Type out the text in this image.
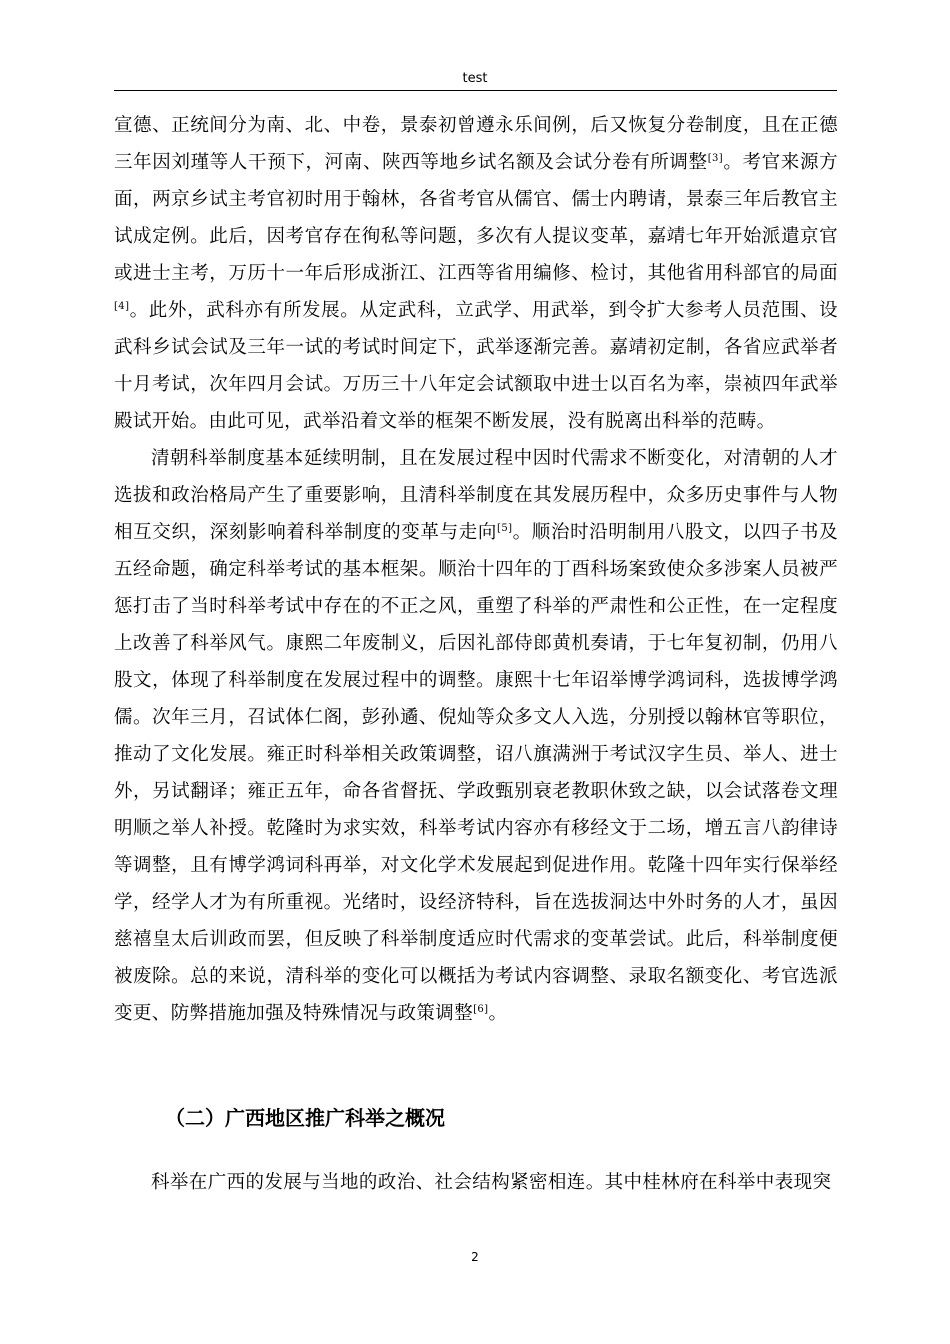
test

宣德、正统间分为南、北、中卷，景泰初曾遵永乐间例，后又恢复分卷制度，且在正德三年因刘瑾等人干预下，河南、陕西等地乡试名额及会试分卷有所调整[3]。考官来源方面，两京乡试主考官初时用于翰林，各省考官从儒官、儒士内聘请，景泰三年后教官主试成定例。此后，因考官存在徇私等问题，多次有人提议变革，嘉靖七年开始派遣京官或进士主考，万历十一年后形成浙江、江西等省用编修、检讨，其他省用科部官的局面[4]。此外，武科亦有所发展。从定武科，立武学、用武举，到令扩大参考人员范围、设武科乡试会试及三年一试的考试时间定下，武举逐渐完善。嘉靖初定制，各省应武举者十月考试，次年四月会试。万历三十八年定会试额取中进士以百名为率，崇祯四年武举殿试开始。由此可见，武举沿着文举的框架不断发展，没有脱离出科举的范畴。

清朝科举制度基本延续明制，且在发展过程中因时代需求不断变化，对清朝的人才选拔和政治格局产生了重要影响，且清科举制度在其发展历程中，众多历史事件与人物相互交织，深刻影响着科举制度的变革与走向[5]。顺治时沿明制用八股文，以四子书及五经命题，确定科举考试的基本框架。顺治十四年的丁酉科场案致使众多涉案人员被严惩打击了当时科举考试中存在的不正之风，重塑了科举的严肃性和公正性，在一定程度上改善了科举风气。康熙二年废制义，后因礼部侍郎黄机奏请，于七年复初制，仍用八股文，体现了科举制度在发展过程中的调整。康熙十七年诏举博学鸿词科，选拔博学鸿儒。次年三月，召试体仁阁，彭孙遹、倪灿等众多文人入选，分别授以翰林官等职位，推动了文化发展。雍正时科举相关政策调整，诏八旗满洲于考试汉字生员、举人、进士外，另试翻译；雍正五年，命各省督抚、学政甄别衰老教职休致之缺，以会试落卷文理明顺之举人补授。乾隆时为求实效，科举考试内容亦有移经文于二场，增五言八韵律诗等调整，且有博学鸿词科再举，对文化学术发展起到促进作用。乾隆十四年实行保举经学，经学人才为有所重视。光绪时，设经济特科，旨在选拔洞达中外时务的人才，虽因慈禧皇太后训政而罢，但反映了科举制度适应时代需求的变革尝试。此后，科举制度便被废除。总的来说，清科举的变化可以概括为考试内容调整、录取名额变化、考官选派变更、防弊措施加强及特殊情况与政策调整[6]。

（二）广西地区推广科举之概况

科举在广西的发展与当地的政治、社会结构紧密相连。其中桂林府在科举中表现突

2
